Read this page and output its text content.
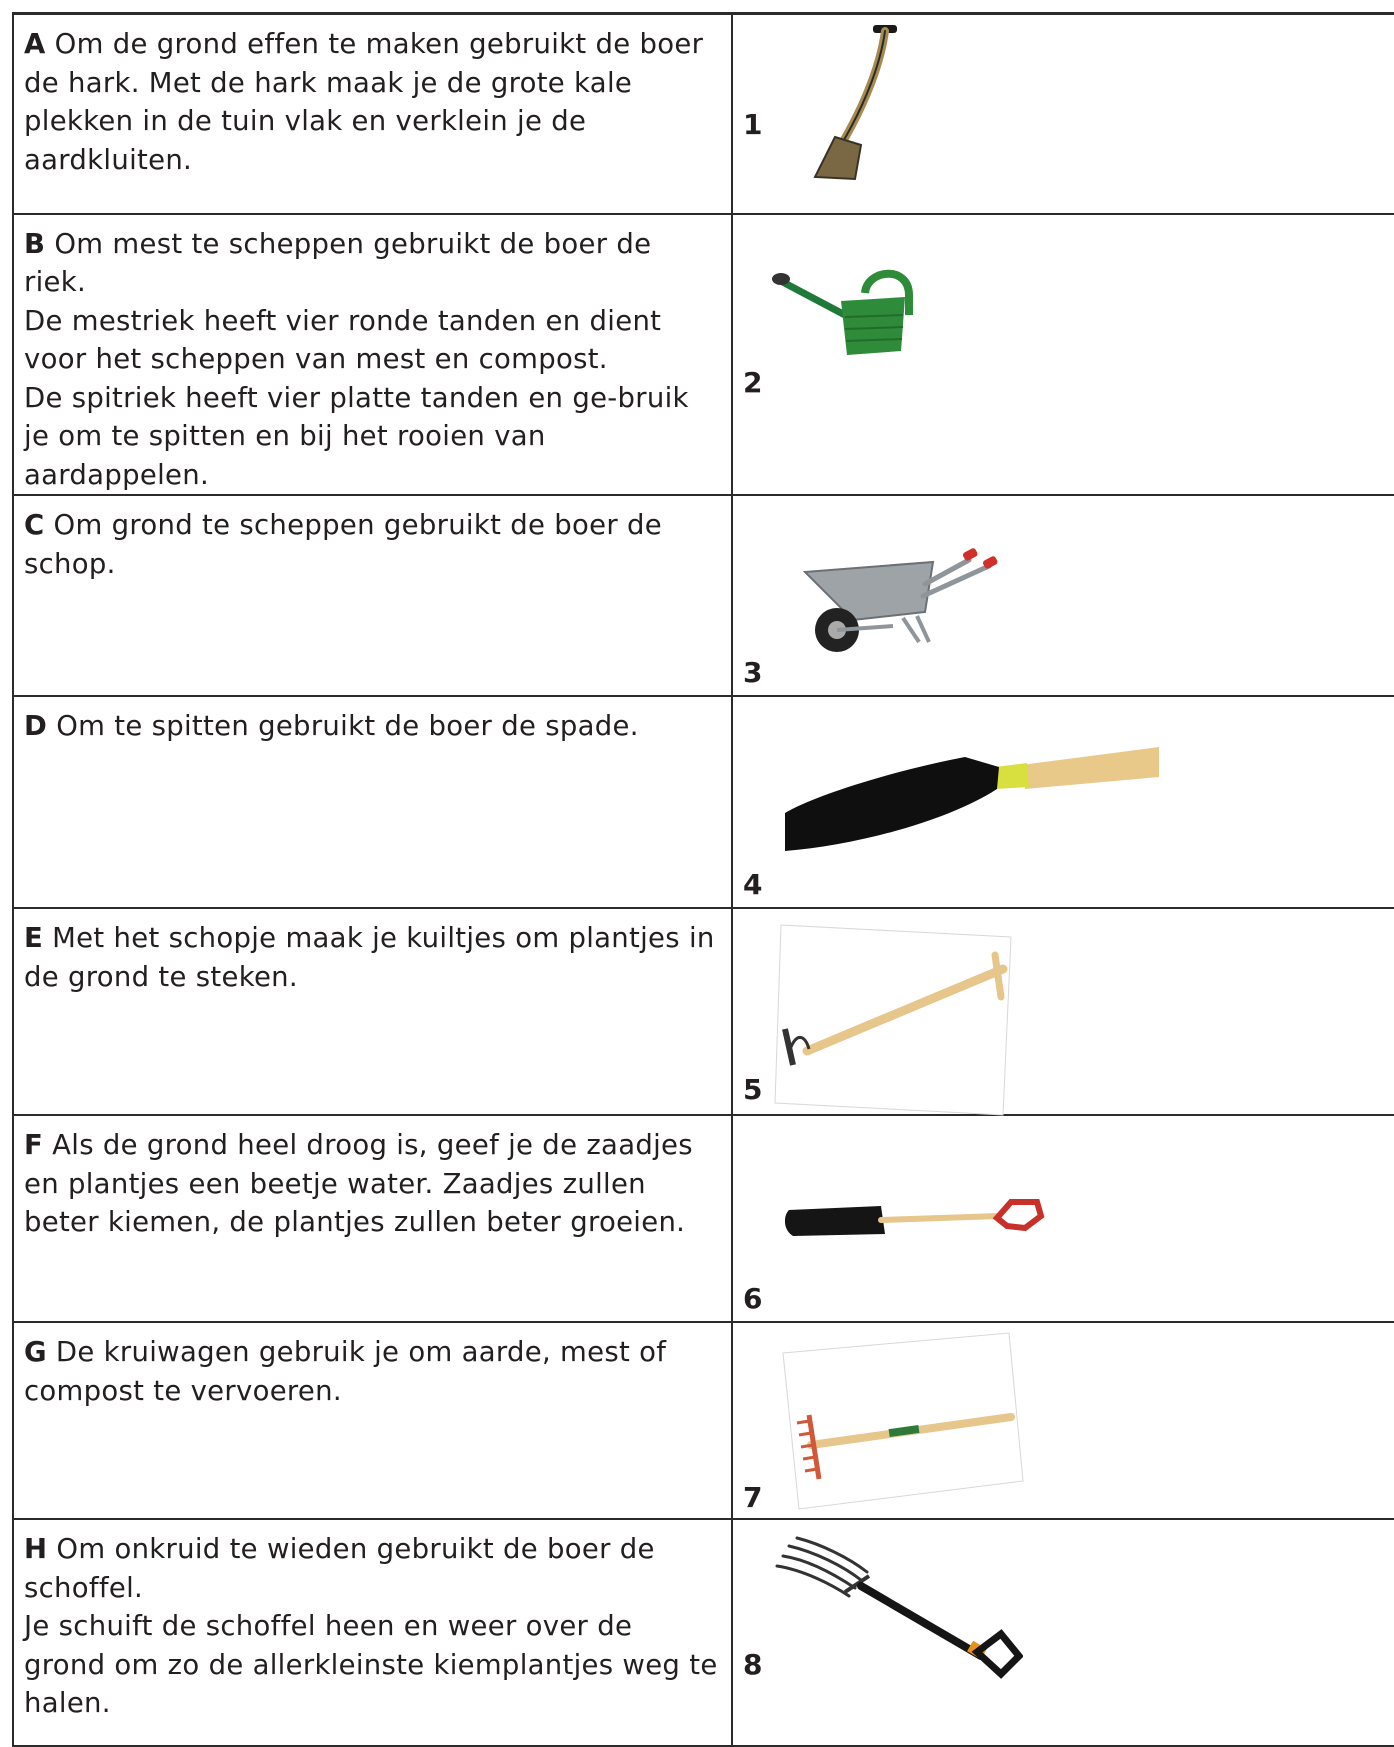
A Om de grond effen te maken gebruikt de boer de hark. Met de hark maak je de grote kale plekken in de tuin vlak en verklein je de aardkluiten.	1

B Om mest te scheppen gebruikt de boer de riek.

De mestriek heeft vier ronde tanden en dient voor het scheppen van mest en compost.

De spitriek heeft vier platte tanden en ge-bruik je om te spitten en bij het rooien van aardappelen.	2

C Om grond te scheppen gebruikt de boer de schop.	3

D Om te spitten gebruikt de boer de spade.	4

E Met het schopje maak je kuiltjes om plantjes in de grond te steken.	5

F Als de grond heel droog is, geef je de zaadjes en plantjes een beetje water. Zaadjes zullen beter kiemen, de plantjes zullen beter groeien.	6

G De kruiwagen gebruik je om aarde, mest of compost te vervoeren.	7

H Om onkruid te wieden gebruikt de boer de schoffel.

Je schuift de schoffel heen en weer over de grond om zo de allerkleinste kiemplantjes weg te halen.	8
